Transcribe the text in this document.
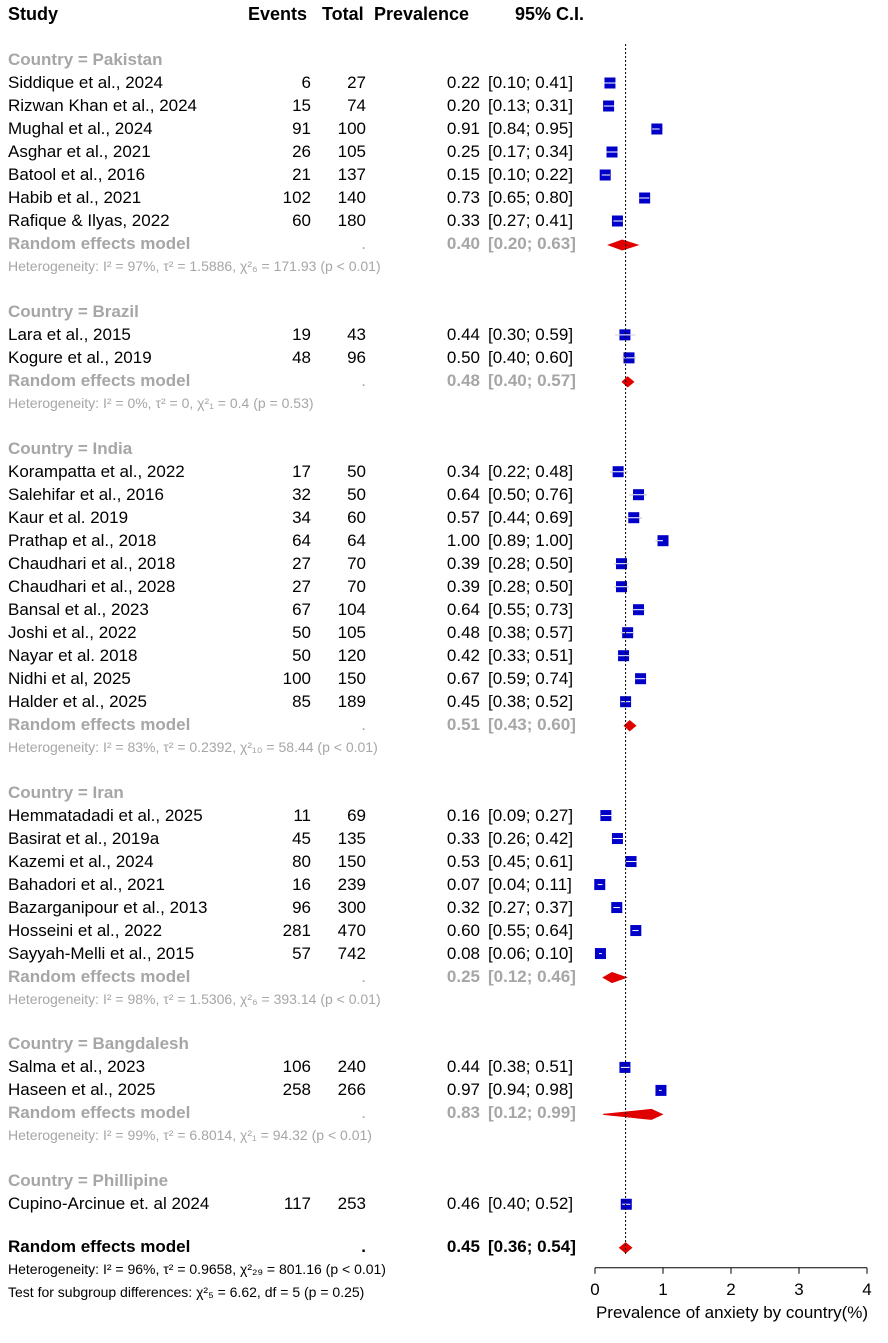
Study	Events Total Prevalence	95% C.I.
Country = Pakistan
Siddique et al., 2024	6 27	0.22 [0.10; 0.41]
Rizwan Khan et al., 2024	15 74	0.20 [0.13; 0.31]
Mughal et al., 2024	91 100	0.91 [0.84; 0.95]
Asghar et al., 2021	26 105	0.25 [0.17; 0.34]
Batool et al., 2016	21 137	0.15 [0.10; 0.22]
Habib et al., 2021	102 140	0.73 [0.65; 0.80]
Rafique & Ilyas, 2022	60 180	0.33 [0.27; 0.41]
Random effects model	.	0.40 [0.20; 0.63]
Heterogeneity: I² = 97%, τ² = 1.5886, χ²₆ = 171.93 (p < 0.01)
Country = Brazil
Lara et al., 2015	19 43	0.44 [0.30; 0.59]
Kogure et al., 2019	48 96	0.50 [0.40; 0.60]
Random effects model	.	0.48 [0.40; 0.57]
Heterogeneity: I² = 0%, τ² = 0, χ²₁ = 0.4 (p = 0.53)
Country = India
Korampatta et al., 2022	17 50	0.34 [0.22; 0.48]
Salehifar et al., 2016	32 50	0.64 [0.50; 0.76]
Kaur et al. 2019	34 60	0.57 [0.44; 0.69]
Prathap et al., 2018	64 64	1.00 [0.89; 1.00]
Chaudhari et al., 2018	27 70	0.39 [0.28; 0.50]
Chaudhari et al., 2028	27 70	0.39 [0.28; 0.50]
Bansal et al., 2023	67 104	0.64 [0.55; 0.73]
Joshi et al., 2022	50 105	0.48 [0.38; 0.57]
Nayar et al. 2018	50 120	0.42 [0.33; 0.51]
Nidhi et al, 2025	100 150	0.67 [0.59; 0.74]
Halder et al., 2025	85 189	0.45 [0.38; 0.52]
Random effects model	.	0.51 [0.43; 0.60]
Heterogeneity: I² = 83%, τ² = 0.2392, χ²₁₀ = 58.44 (p < 0.01)
Country = Iran
Hemmatadadi et al., 2025	11 69	0.16 [0.09; 0.27]
Basirat et al., 2019a	45 135	0.33 [0.26; 0.42]
Kazemi et al., 2024	80 150	0.53 [0.45; 0.61]
Bahadori et al., 2021	16 239	0.07 [0.04; 0.11]
Bazarganipour et al., 2013	96 300	0.32 [0.27; 0.37]
Hosseini et al., 2022	281 470	0.60 [0.55; 0.64]
Sayyah-Melli et al., 2015	57 742	0.08 [0.06; 0.10]
Random effects model	.	0.25 [0.12; 0.46]
Heterogeneity: I² = 98%, τ² = 1.5306, χ²₆ = 393.14 (p < 0.01)
Country = Bangdalesh
Salma et al., 2023	106 240	0.44 [0.38; 0.51]
Haseen et al., 2025	258 266	0.97 [0.94; 0.98]
Random effects model	.	0.83 [0.12; 0.99]
Heterogeneity: I² = 99%, τ² = 6.8014, χ²₁ = 94.32 (p < 0.01)
Country = Phillipine
Cupino-Arcinue et. al 2024	117 253	0.46 [0.40; 0.52]
Random effects model	.	0.45 [0.36; 0.54]
Heterogeneity: I² = 96%, τ² = 0.9658, χ²₂₉ = 801.16 (p < 0.01)
Test for subgroup differences: χ²₅ = 6.62, df = 5 (p = 0.25)	0	1	2	3	4
Prevalence of anxiety by country(%)
